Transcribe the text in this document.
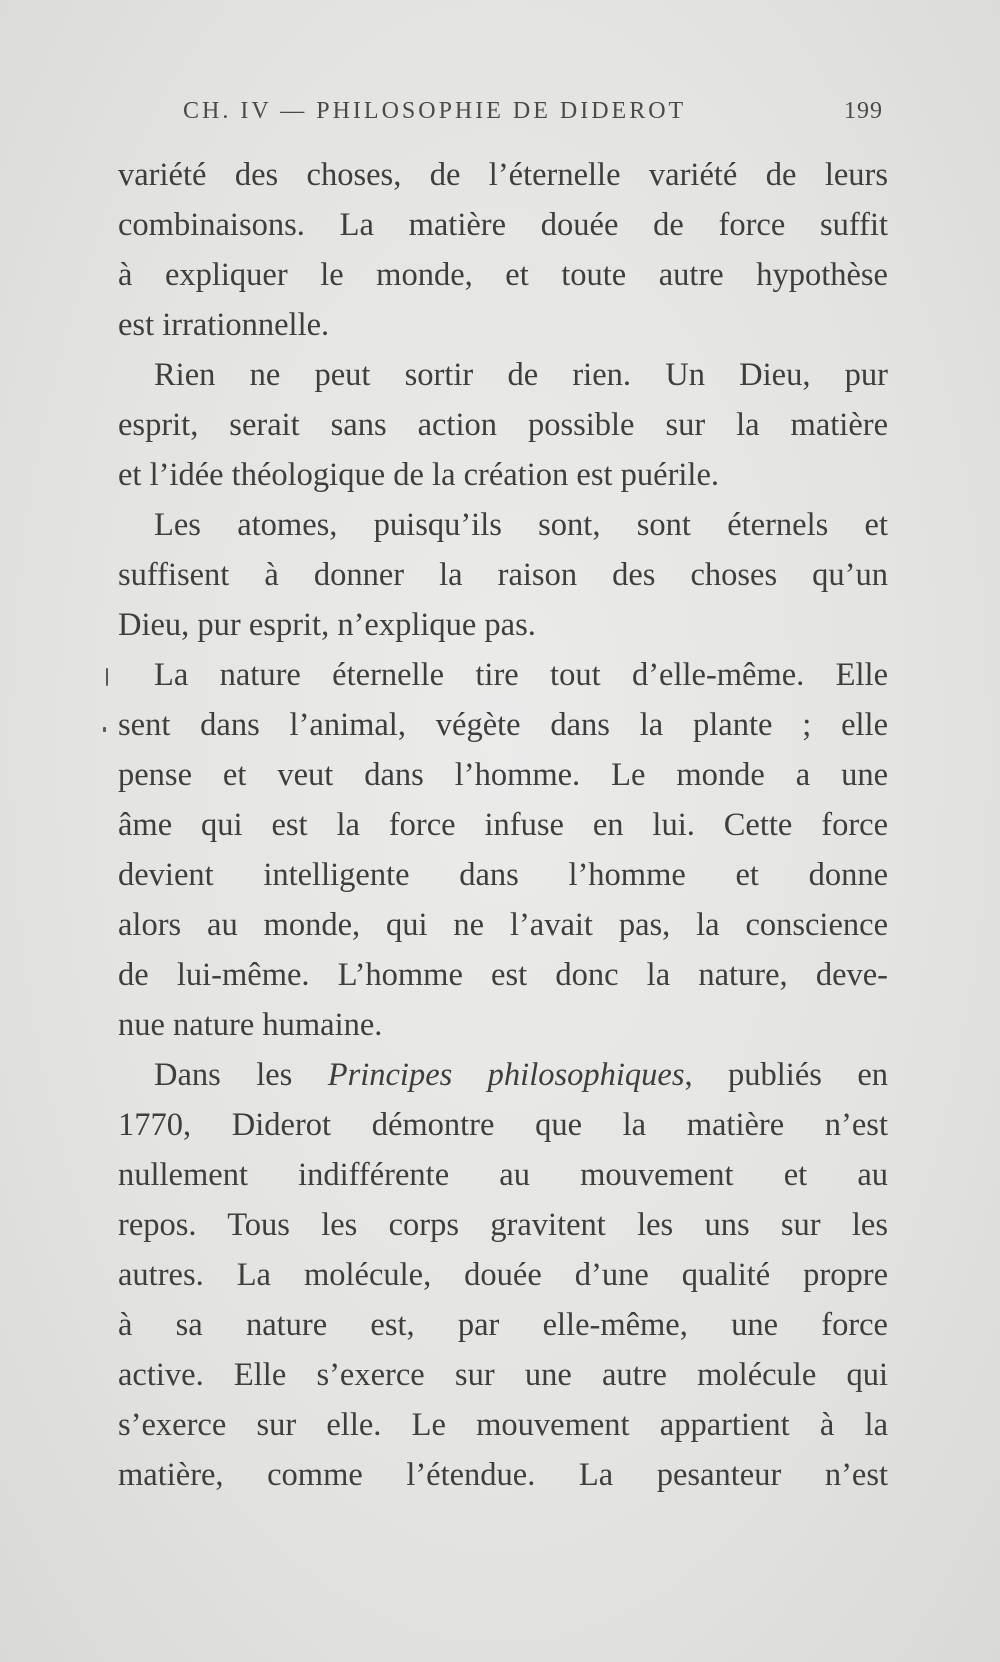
CH. IV — PHILOSOPHIE DE DIDEROT	199
variété des choses, de l’éternelle variété de leurs
combinaisons. La matière douée de force suffit
à expliquer le monde, et toute autre hypothèse
est irrationnelle.
Rien ne peut sortir de rien. Un Dieu, pur
esprit, serait sans action possible sur la matière
et l’idée théologique de la création est puérile.
Les atomes, puisqu’ils sont, sont éternels et
suffisent à donner la raison des choses qu’un
Dieu, pur esprit, n’explique pas.
La nature éternelle tire tout d’elle-même. Elle
sent dans l’animal, végète dans la plante ; elle
pense et veut dans l’homme. Le monde a une
âme qui est la force infuse en lui. Cette force
devient intelligente dans l’homme et donne
alors au monde, qui ne l’avait pas, la conscience
de lui-même. L’homme est donc la nature, deve-
nue nature humaine.
Dans les Principes philosophiques, publiés en
1770, Diderot démontre que la matière n’est
nullement indifférente au mouvement et au
repos. Tous les corps gravitent les uns sur les
autres. La molécule, douée d’une qualité propre
à sa nature est, par elle-même, une force
active. Elle s’exerce sur une autre molécule qui
s’exerce sur elle. Le mouvement appartient à la
matière, comme l’étendue. La pesanteur n’est
